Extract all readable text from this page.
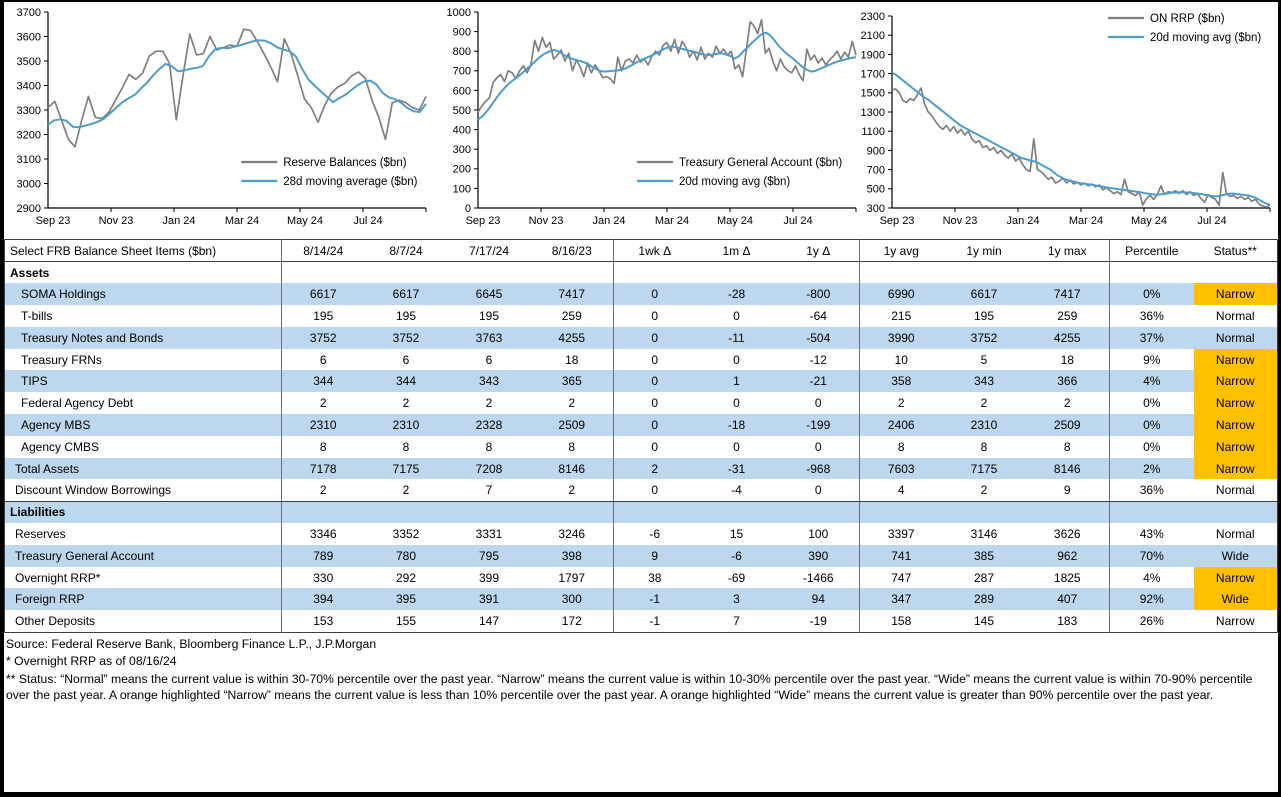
2900
3000
3100
3200
3300
3400
3500
3600
3700
Sep 23	Nov 23	Jan 24	Mar 24	May 24	Jul 24
Reserve Balances ($bn)
28d moving average ($bn)
0
100
200
300
400
500
600
700
800
900
1000
Sep 23	Nov 23	Jan 24	Mar 24	May 24	Jul 24
Treasury General Account ($bn)
20d moving avg ($bn)
300
500
700
900
1100
1300
1500
1700
1900
2100
2300
Sep 23	Nov 23	Jan 24	Mar 24	May 24	Jul 24
ON RRP ($bn)
20d moving avg ($bn)
Select FRB Balance Sheet Items ($bn)	8/14/24	8/7/24	7/17/24	8/16/23	1wk Δ	1m Δ	1y Δ	1y avg	1y min	1y max	Percentile	Status**
Assets												
SOMA Holdings	6617	6617	6645	7417	0	-28	-800	6990	6617	7417	0%	Narrow
T-bills	195	195	195	259	0	0	-64	215	195	259	36%	Normal
Treasury Notes and Bonds	3752	3752	3763	4255	0	-11	-504	3990	3752	4255	37%	Normal
Treasury FRNs	6	6	6	18	0	0	-12	10	5	18	9%	Narrow
TIPS	344	344	343	365	0	1	-21	358	343	366	4%	Narrow
Federal Agency Debt	2	2	2	2	0	0	0	2	2	2	0%	Narrow
Agency MBS	2310	2310	2328	2509	0	-18	-199	2406	2310	2509	0%	Narrow
Agency CMBS	8	8	8	8	0	0	0	8	8	8	0%	Narrow
Total Assets	7178	7175	7208	8146	2	-31	-968	7603	7175	8146	2%	Narrow
Discount Window Borrowings	2	2	7	2	0	-4	0	4	2	9	36%	Normal
Liabilities												
Reserves	3346	3352	3331	3246	-6	15	100	3397	3146	3626	43%	Normal
Treasury General Account	789	780	795	398	9	-6	390	741	385	962	70%	Wide
Overnight RRP*	330	292	399	1797	38	-69	-1466	747	287	1825	4%	Narrow
Foreign RRP	394	395	391	300	-1	3	94	347	289	407	92%	Wide
Other Deposits	153	155	147	172	-1	7	-19	158	145	183	26%	Narrow
Source: Federal Reserve Bank, Bloomberg Finance L.P., J.P.Morgan
* Overnight RRP as of 08/16/24
** Status: “Normal” means the current value is within 30-70% percentile over the past year. “Narrow” means the current value is within 10-30% percentile over the past year. “Wide” means the current value is within 70-90% percentile over the past year. A orange highlighted “Narrow” means the current value is less than 10% percentile over the past year. A orange highlighted “Wide” means the current value is greater than 90% percentile over the past year.
